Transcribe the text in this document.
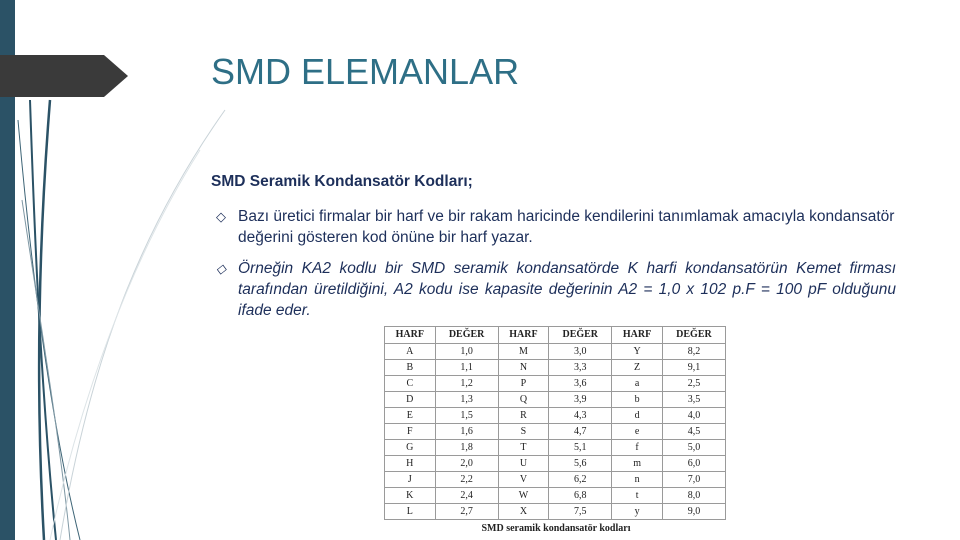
SMD ELEMANLAR

SMD Seramik Kondansatör Kodları;

◇ Bazı üretici firmalar bir harf ve bir rakam haricinde kendilerini tanımlamak amacıyla kondansatör değerini gösteren kod önüne bir harf yazar.

◇ Örneğin KA2 kodlu bir SMD seramik kondansatörde K harfi kondansatörün Kemet firması tarafından üretildiğini, A2 kodu ise kapasite değerinin A2 = 1,0 x 102 p.F = 100 pF olduğunu ifade eder.

HARF	DEĞER	HARF	DEĞER	HARF	DEĞER
A	1,0	M	3,0	Y	8,2
B	1,1	N	3,3	Z	9,1
C	1,2	P	3,6	a	2,5
D	1,3	Q	3,9	b	3,5
E	1,5	R	4,3	d	4,0
F	1,6	S	4,7	e	4,5
G	1,8	T	5,1	f	5,0
H	2,0	U	5,6	m	6,0
J	2,2	V	6,2	n	7,0
K	2,4	W	6,8	t	8,0
L	2,7	X	7,5	y	9,0
SMD seramik kondansatör kodları
